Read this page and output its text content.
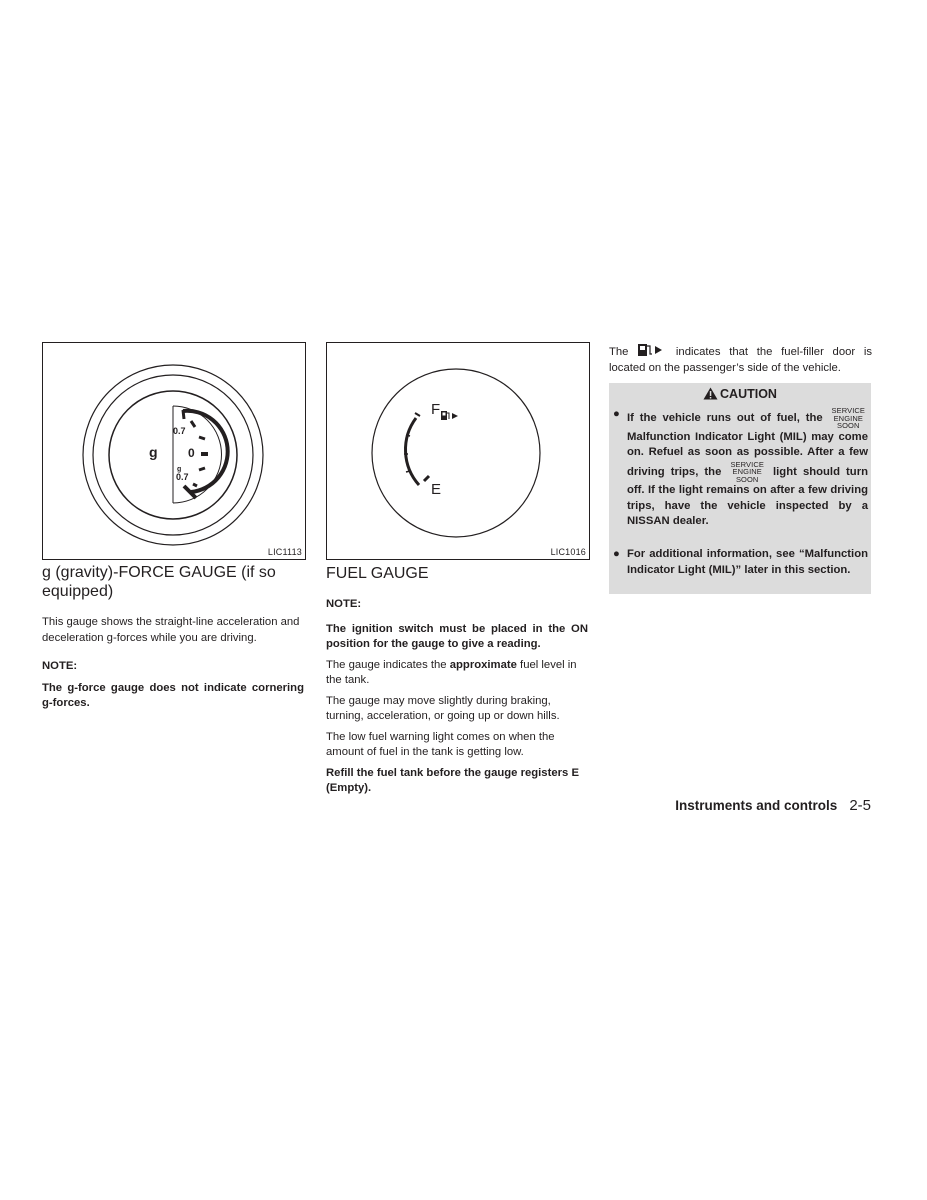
g
0.7
0
g
0.7
LIC1113
g (gravity)-FORCE GAUGE (if so equipped)

This gauge shows the straight-line acceleration and deceleration g-forces while you are driving.

NOTE:

The g-force gauge does not indicate cornering g-forces.

F
E
LIC1016
FUEL GAUGE

NOTE:

The ignition switch must be placed in the ON position for the gauge to give a reading.

The gauge indicates the approximate fuel level in the tank.

The gauge may move slightly during braking, turning, acceleration, or going up or down hills.

The low fuel warning light comes on when the amount of fuel in the tank is getting low.

Refill the fuel tank before the gauge registers E (Empty).

The	indicates that the fuel-filler door is located on the passenger’s side of the vehicle.

CAUTION
● If the vehicle runs out of fuel, the SERVICE
ENGINE
SOON Malfunction Indicator Light (MIL) may come on. Refuel as soon as possible. After a few driving trips, the SERVICE
ENGINE
SOON light should turn off. If the light remains on after a few driving trips, have the vehicle inspected by a NISSAN dealer.
● For additional information, see “Malfunction Indicator Light (MIL)” later in this section.
Instruments and controls 2-5
